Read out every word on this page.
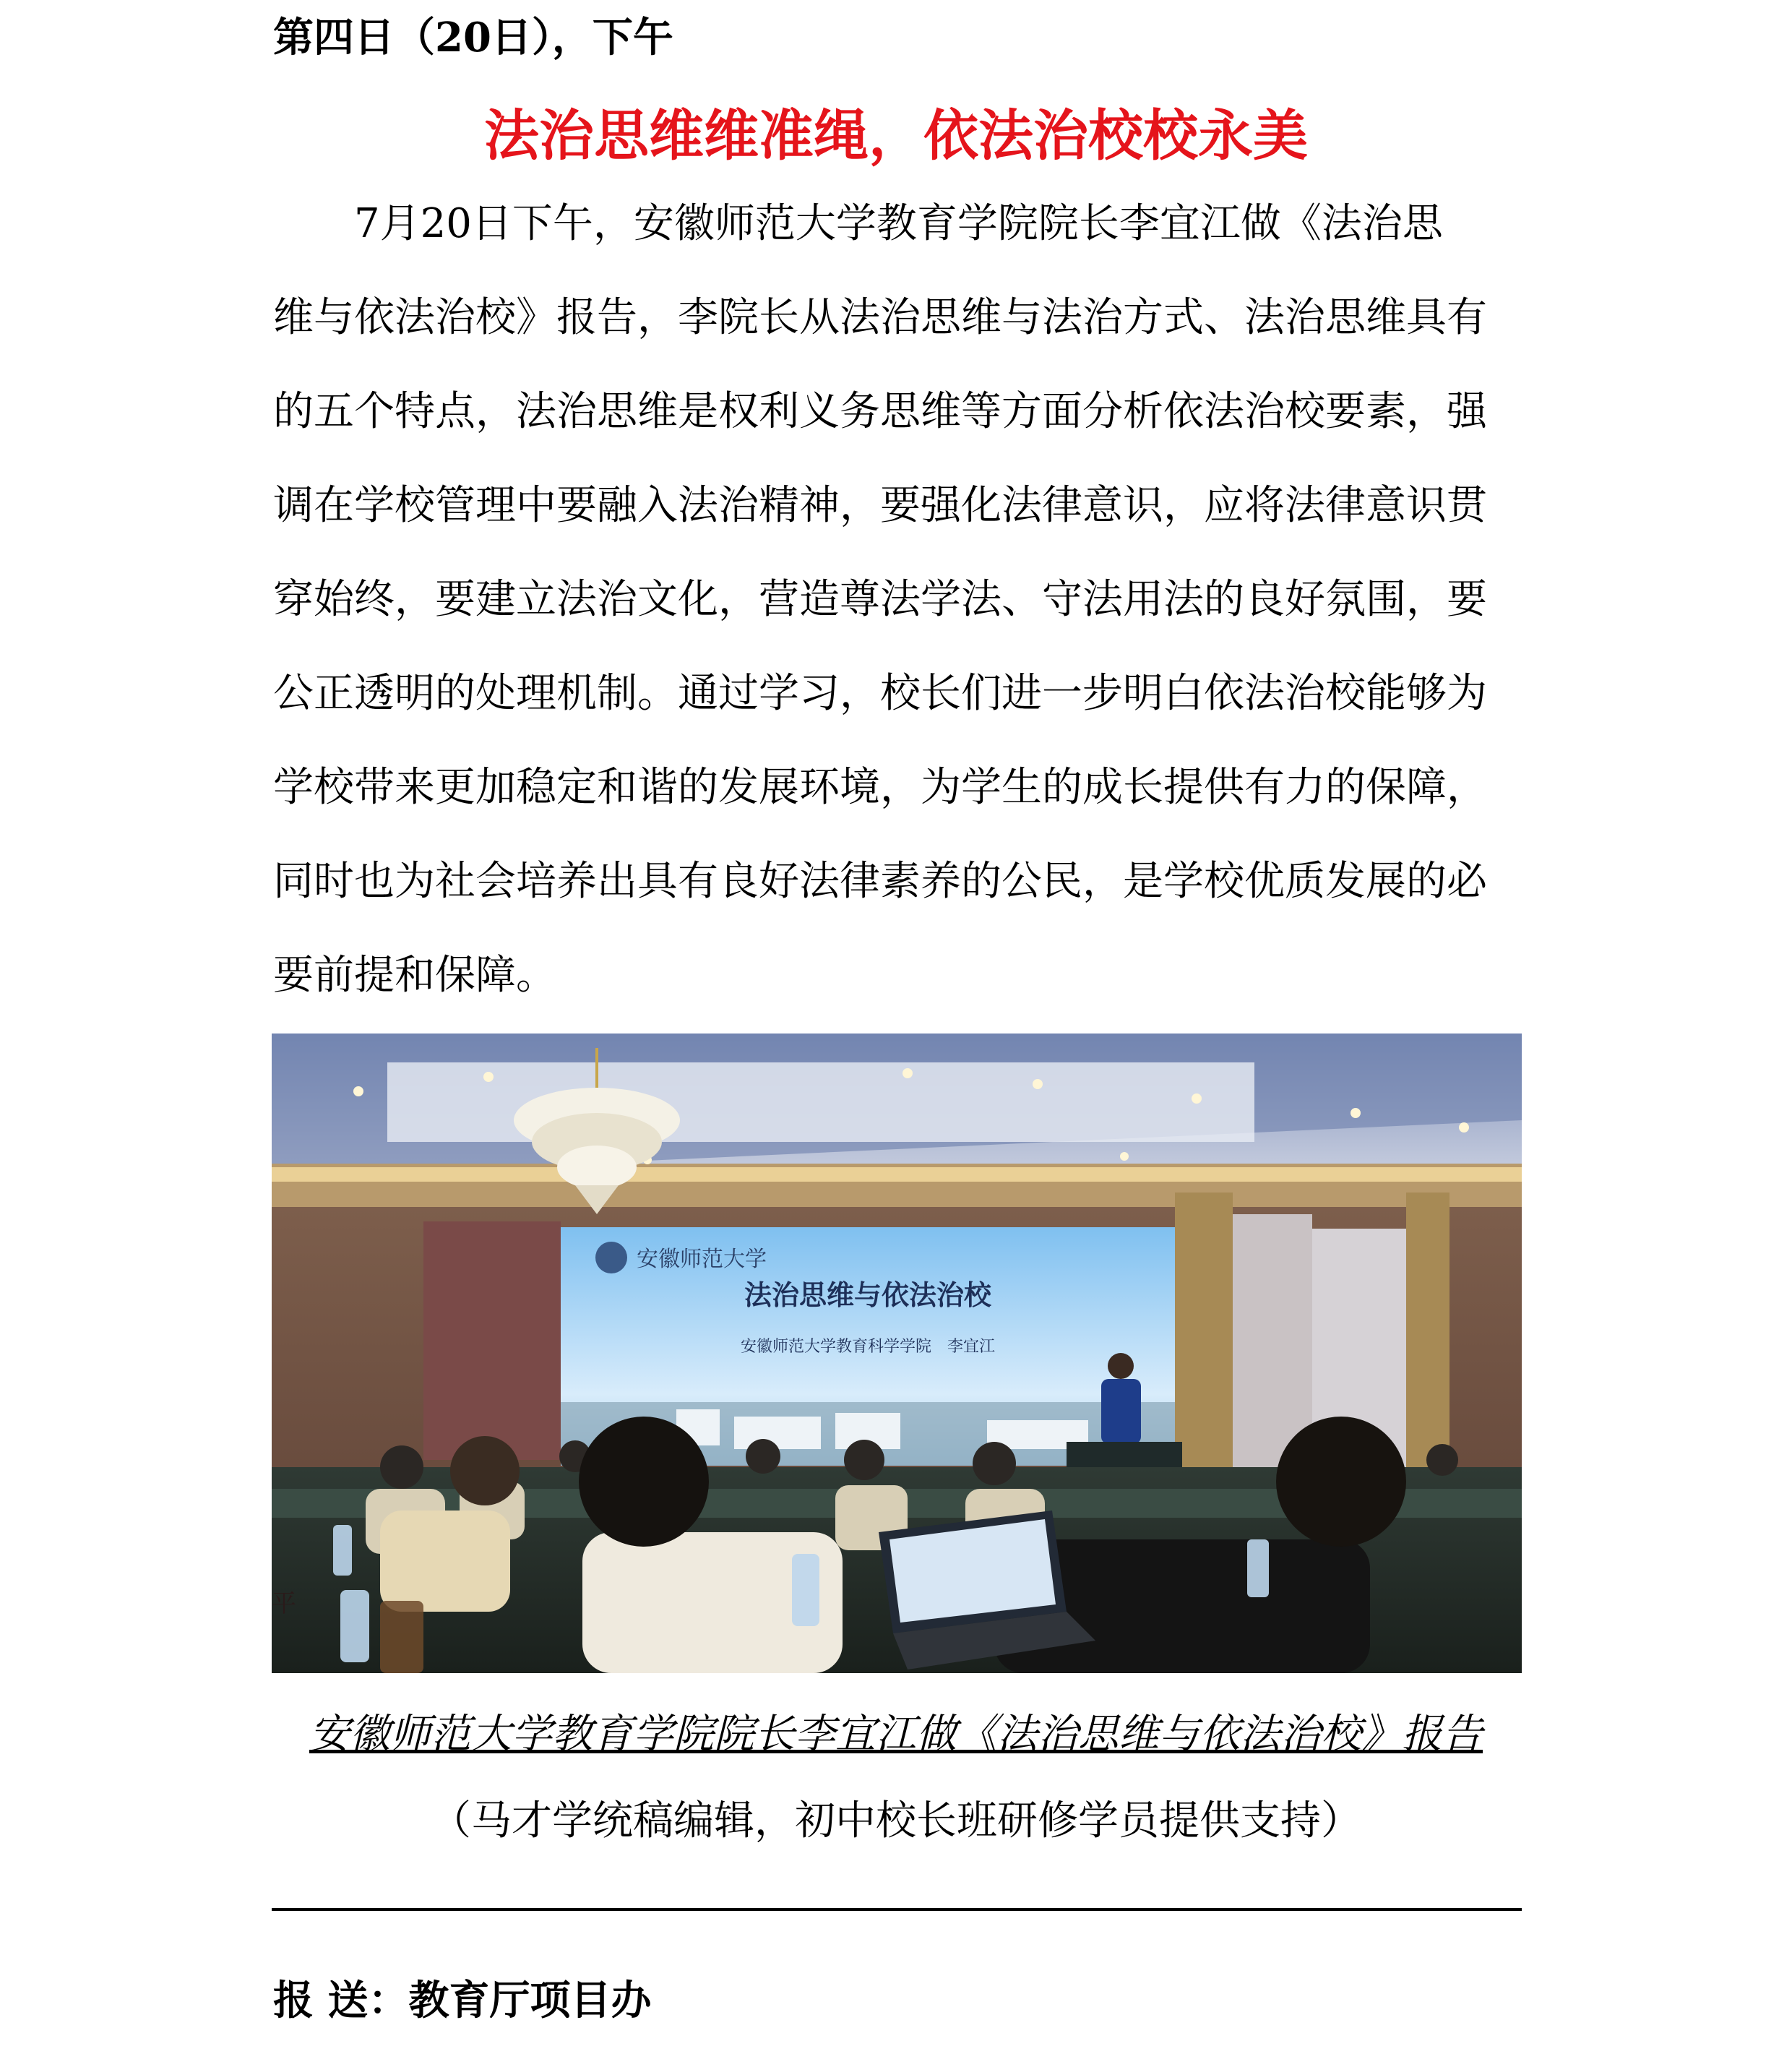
第四日（20日），下午
法治思维维准绳，依法治校校永美
　　7月20日下午，安徽师范大学教育学院院长李宜江做《法治思
维与依法治校》报告，李院长从法治思维与法治方式、法治思维具有
的五个特点，法治思维是权利义务思维等方面分析依法治校要素，强
调在学校管理中要融入法治精神，要强化法律意识，应将法律意识贯
穿始终，要建立法治文化，营造尊法学法、守法用法的良好氛围，要
公正透明的处理机制。通过学习，校长们进一步明白依法治校能够为
学校带来更加稳定和谐的发展环境，为学生的成长提供有力的保障，
同时也为社会培养出具有良好法律素养的公民，是学校优质发展的必
要前提和保障。
安徽师范大学
法治思维与依法治校
安徽师范大学教育科学学院　李宜江
平
安徽师范大学教育学院院长李宜江做《法治思维与依法治校》报告
（马才学统稿编辑，初中校长班研修学员提供支持）
报 送：教育厅项目办
